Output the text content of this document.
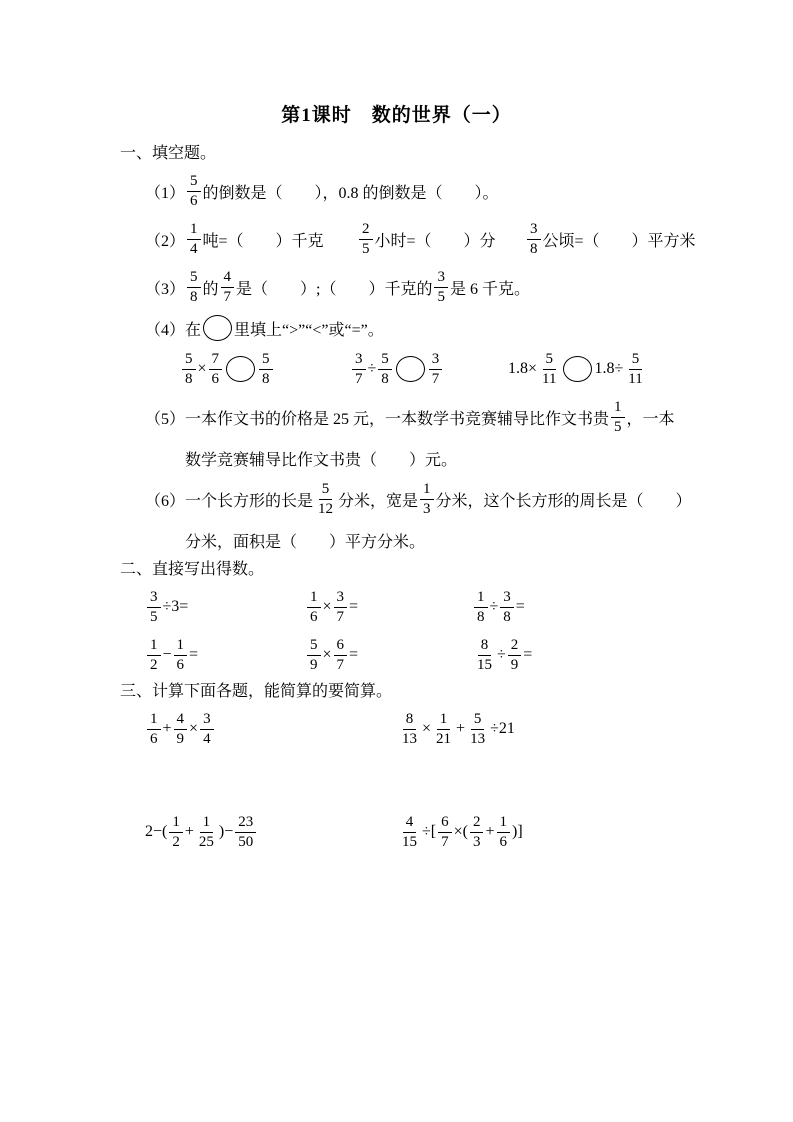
第1课时　数的世界（一）
一、填空题。
$(1) \frac{5}{6}$ 的倒数是（　　），0.8 的倒数是（　　）。
$(2) \frac{1}{4}$ 吨=（　　）千克 $\frac{2}{5}$ 小时=（　　）分 $\frac{3}{8}$ 公顷=（　　）平方米
$(3) \frac{5}{8}$ 的 $\frac{4}{7}$ 是（　　）;（　　）千克的 $\frac{3}{5}$ 是 6 千克。
（4）在 里填上“>”“<”或“=”。
$\frac{5}{8} \times \frac{7}{6} \frac{5}{8}$	$\frac{3}{7} \div \frac{5}{8} \frac{3}{7}$	$1.8\times \frac{5}{11} 1.8\div \frac{5}{11}$
（5）一本作文书的价格是 25 元，一本数学书竞赛辅导比作文书贵 $\frac{1}{5}$ ，一本
数学竞赛辅导比作文书贵（　　）元。
（6）一个长方形的长是 $\frac{5}{12}$ 分米，宽是 $\frac{1}{3}$ 分米，这个长方形的周长是（　　）
分米，面积是（　　）平方分米。
二、直接写出得数。
$\frac{3}{5} \div 3=$	$\frac{1}{6} \times \frac{3}{7}$ =	$\frac{1}{8} \div \frac{3}{8}$ =
$\frac{1}{2} - \frac{1}{6}$ =	$\frac{5}{9} \times \frac{6}{7}$ =	$\frac{8}{15} \div \frac{2}{9}$ =
三、计算下面各题，能简算的要简算。
$\frac{1}{6} + \frac{4}{9} \times \frac{3}{4}$	$\frac{8}{13} \times \frac{1}{21} + \frac{5}{13} \div 21$
$2-( \frac{1}{2} + \frac{1}{25}$ )− $\frac{23}{50}$	$\frac{4}{15}$ ÷[ $\frac{6}{7}$ ×( $\frac{2}{3} + \frac{1}{6}$ )]
